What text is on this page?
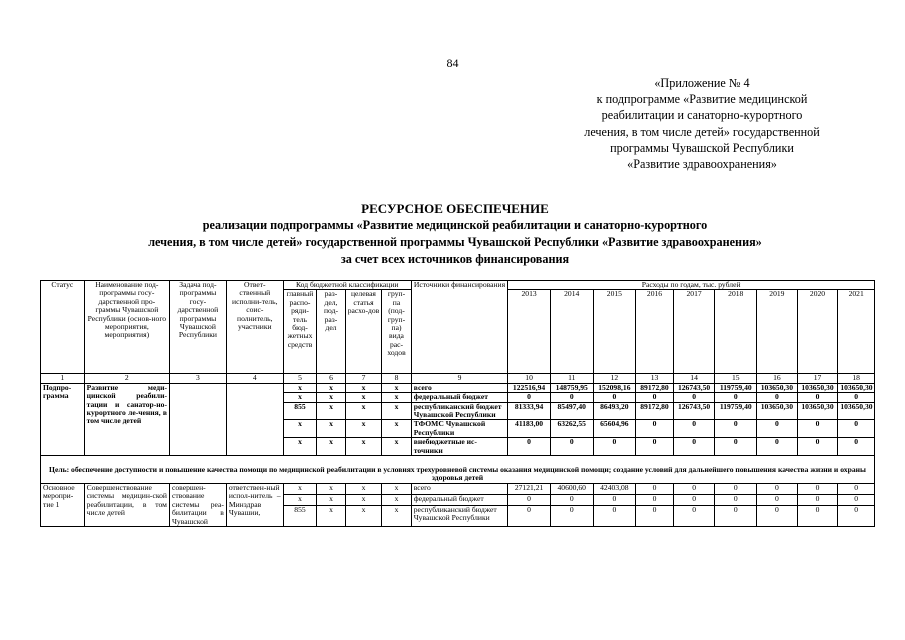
84
«Приложение № 4
к подпрограмме «Развитие медицинской
реабилитации и санаторно-курортного
лечения, в том числе детей» государственной
программы Чувашской Республики
«Развитие здравоохранения»
РЕСУРСНОЕ ОБЕСПЕЧЕНИЕ
реализации подпрограммы «Развитие медицинской реабилитации и санаторно-курортного
лечения, в том числе детей» государственной программы Чувашской Республики «Развитие здравоохранения»
за счет всех источников финансирования
Статус	Наименование под-программы госу-дарственной про-граммы Чувашской Республики (основ-ного мероприятия, мероприятия)	Задача под-программы госу-дарственной программы Чувашской Республики	Ответ-ственный исполни-тель, соис-полнитель, участники	Код бюджетной классификации				Источники финансирования	Расходы по годам, тыс. рублей								
				главный распо-ряди-тель бюд-жетных средств	раз-дел, под-раз-дел	целевая статья расхо-дов	груп-па (под-груп-па) вида рас-ходов		2013	2014	2015	2016	2017	2018	2019	2020	2021
1	2	3	4	5	6	7	8	9	10	11	12	13	14	15	16	17	18
Подпро-грамма	Развитие меди-цинской реабили-тации и санатор-но-курортного ле-чения, в том числе детей			x	x	x	x	всего	122516,94	148759,95	152098,16	89172,80	126743,50	119759,40	103650,30	103650,30	103650,30
				x	x	x	x	федеральный бюджет	0	0	0	0	0	0	0	0	0
				855	x	x	x	республиканский бюджет Чувашской Республики	81333,94	85497,40	86493,20	89172,80	126743,50	119759,40	103650,30	103650,30	103650,30
				x	x	x	x	ТФОМС Чувашской Республики	41183,00	63262,55	65604,96	0	0	0	0	0	0
				x	x	x	x	внебюджетные ис-точники	0	0	0	0	0	0	0	0	0
Цель: обеспечение доступности и повышение качества помощи по медицинской реабилитации в условиях трехуровневой системы оказания медицинской помощи; создание условий для дальнейшего повышения качества жизни и охраны здоровья детей																	
Основное меропри-тие 1	Совершенствование системы медицин-ской реабилитации, в том числе детей	совершен-ствование системы реа-билитации в Чувашской	ответствен-ный испол-нитель – Минздрав Чувашии,	x	x	x	x	всего	27121,21	40600,60	42403,08	0	0	0	0	0	0
				x	x	x	x	федеральный бюджет	0	0	0	0	0	0	0	0	0
				855	x	x	x	республиканский бюджет Чувашской Республики	0	0	0	0	0	0	0	0	0
